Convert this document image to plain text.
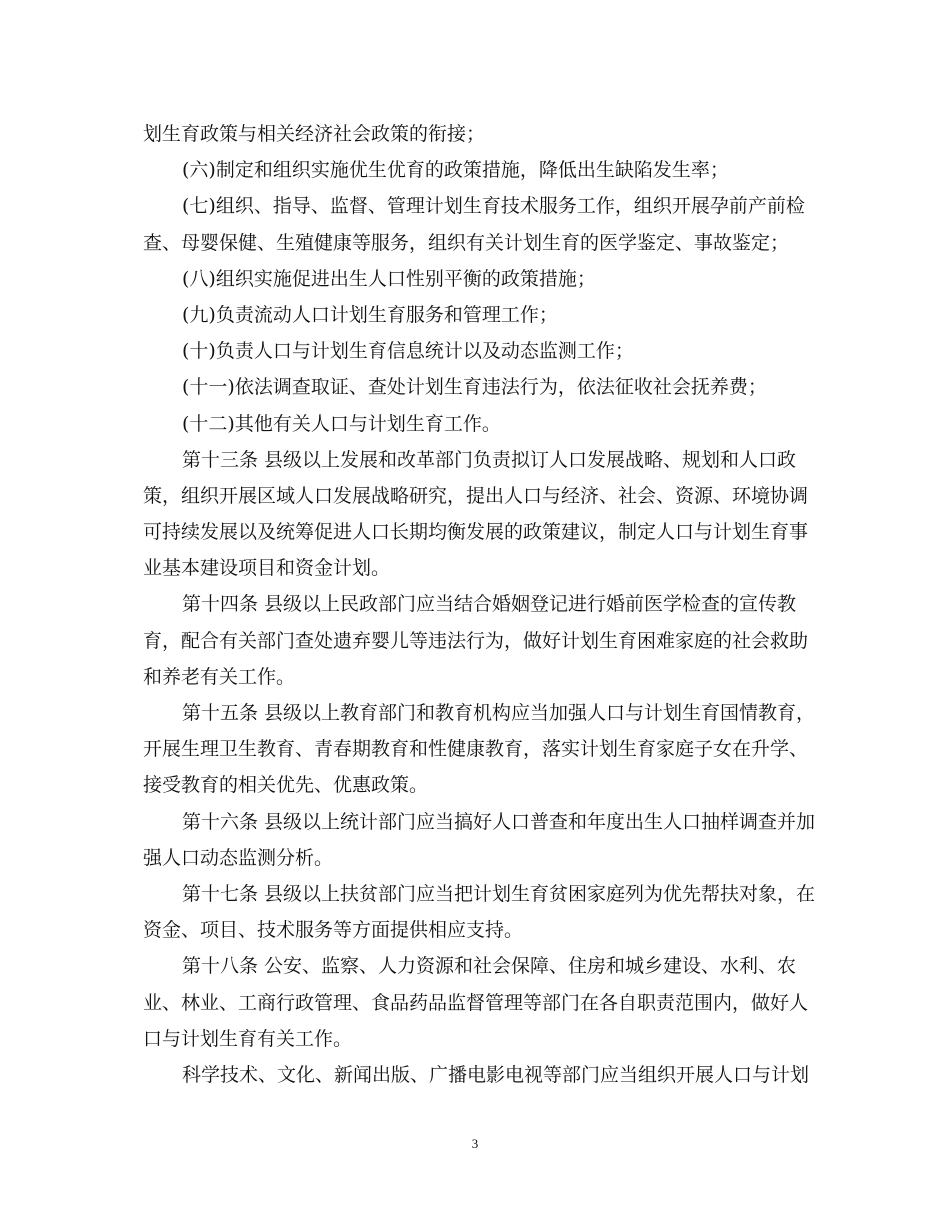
划生育政策与相关经济社会政策的衔接；
(六)制定和组织实施优生优育的政策措施，降低出生缺陷发生率；
(七)组织、指导、监督、管理计划生育技术服务工作，组织开展孕前产前检
查、母婴保健、生殖健康等服务，组织有关计划生育的医学鉴定、事故鉴定；
(八)组织实施促进出生人口性别平衡的政策措施；
(九)负责流动人口计划生育服务和管理工作；
(十)负责人口与计划生育信息统计以及动态监测工作；
(十一)依法调查取证、查处计划生育违法行为，依法征收社会抚养费；
(十二)其他有关人口与计划生育工作。
第十三条 县级以上发展和改革部门负责拟订人口发展战略、规划和人口政
策，组织开展区域人口发展战略研究，提出人口与经济、社会、资源、环境协调
可持续发展以及统筹促进人口长期均衡发展的政策建议，制定人口与计划生育事
业基本建设项目和资金计划。
第十四条 县级以上民政部门应当结合婚姻登记进行婚前医学检查的宣传教
育，配合有关部门查处遗弃婴儿等违法行为，做好计划生育困难家庭的社会救助
和养老有关工作。
第十五条 县级以上教育部门和教育机构应当加强人口与计划生育国情教育，
开展生理卫生教育、青春期教育和性健康教育，落实计划生育家庭子女在升学、
接受教育的相关优先、优惠政策。
第十六条 县级以上统计部门应当搞好人口普查和年度出生人口抽样调查并加
强人口动态监测分析。
第十七条 县级以上扶贫部门应当把计划生育贫困家庭列为优先帮扶对象，在
资金、项目、技术服务等方面提供相应支持。
第十八条 公安、监察、人力资源和社会保障、住房和城乡建设、水利、农
业、林业、工商行政管理、食品药品监督管理等部门在各自职责范围内，做好人
口与计划生育有关工作。
科学技术、文化、新闻出版、广播电影电视等部门应当组织开展人口与计划
3
